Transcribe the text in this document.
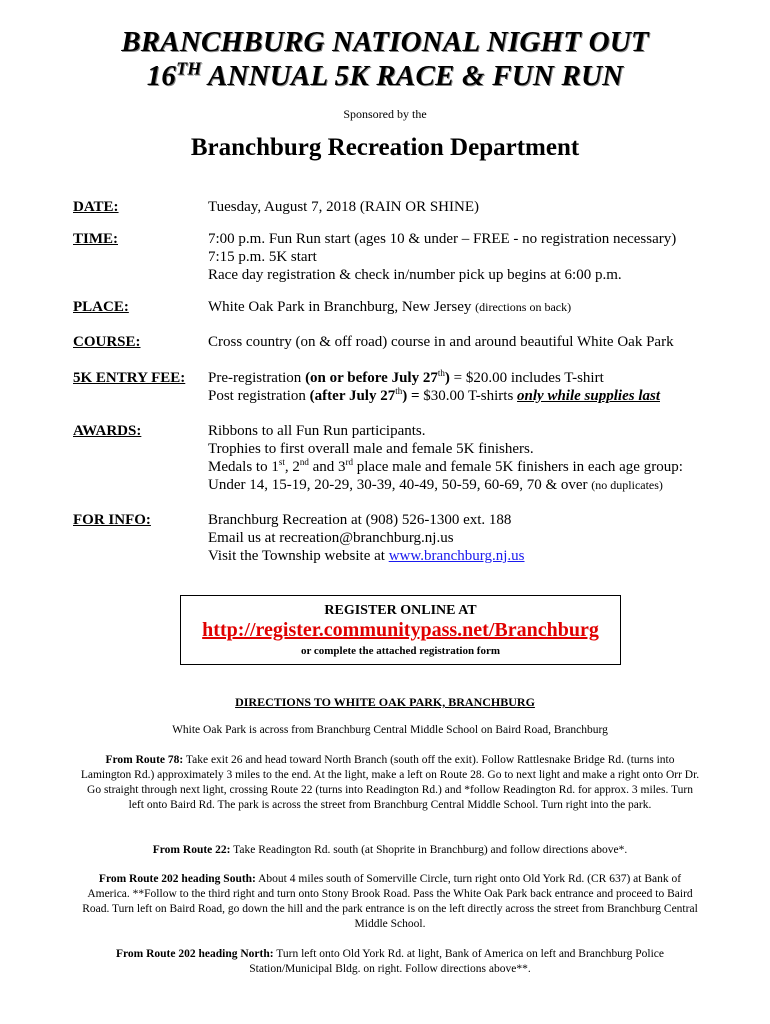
BRANCHBURG NATIONAL NIGHT OUT
16TH ANNUAL 5K RACE & FUN RUN
Sponsored by the
Branchburg Recreation Department
DATE:	Tuesday, August 7, 2018 (RAIN OR SHINE)
TIME:	7:00 p.m. Fun Run start (ages 10 & under – FREE - no registration necessary)
7:15 p.m. 5K start
Race day registration & check in/number pick up begins at 6:00 p.m.
PLACE:	White Oak Park in Branchburg, New Jersey (directions on back)
COURSE:	Cross country (on & off road) course in and around beautiful White Oak Park
5K ENTRY FEE: Pre-registration (on or before July 27th) = $20.00 includes T-shirt
Post registration (after July 27th) = $30.00 T-shirts only while supplies last
AWARDS:	Ribbons to all Fun Run participants.
Trophies to first overall male and female 5K finishers.
Medals to 1st, 2nd and 3rd place male and female 5K finishers in each age group:
Under 14, 15-19, 20-29, 30-39, 40-49, 50-59, 60-69, 70 & over (no duplicates)
FOR INFO:	Branchburg Recreation at (908) 526-1300 ext. 188
Email us at recreation@branchburg.nj.us
Visit the Township website at www.branchburg.nj.us
REGISTER ONLINE AT
http://register.communitypass.net/Branchburg
or complete the attached registration form
DIRECTIONS TO WHITE OAK PARK, BRANCHBURG
White Oak Park is across from Branchburg Central Middle School on Baird Road, Branchburg
From Route 78: Take exit 26 and head toward North Branch (south off the exit). Follow Rattlesnake Bridge Rd. (turns into Lamington Rd.) approximately 3 miles to the end. At the light, make a left on Route 28. Go to next light and make a right onto Orr Dr. Go straight through next light, crossing Route 22 (turns into Readington Rd.) and *follow Readington Rd. for approx. 3 miles. Turn left onto Baird Rd. The park is across the street from Branchburg Central Middle School. Turn right into the park.
From Route 22: Take Readington Rd. south (at Shoprite in Branchburg) and follow directions above*.
From Route 202 heading South: About 4 miles south of Somerville Circle, turn right onto Old York Rd. (CR 637) at Bank of America. **Follow to the third right and turn onto Stony Brook Road. Pass the White Oak Park back entrance and proceed to Baird Road. Turn left on Baird Road, go down the hill and the park entrance is on the left directly across the street from Branchburg Central Middle School.
From Route 202 heading North: Turn left onto Old York Rd. at light, Bank of America on left and Branchburg Police Station/Municipal Bldg. on right. Follow directions above**.
